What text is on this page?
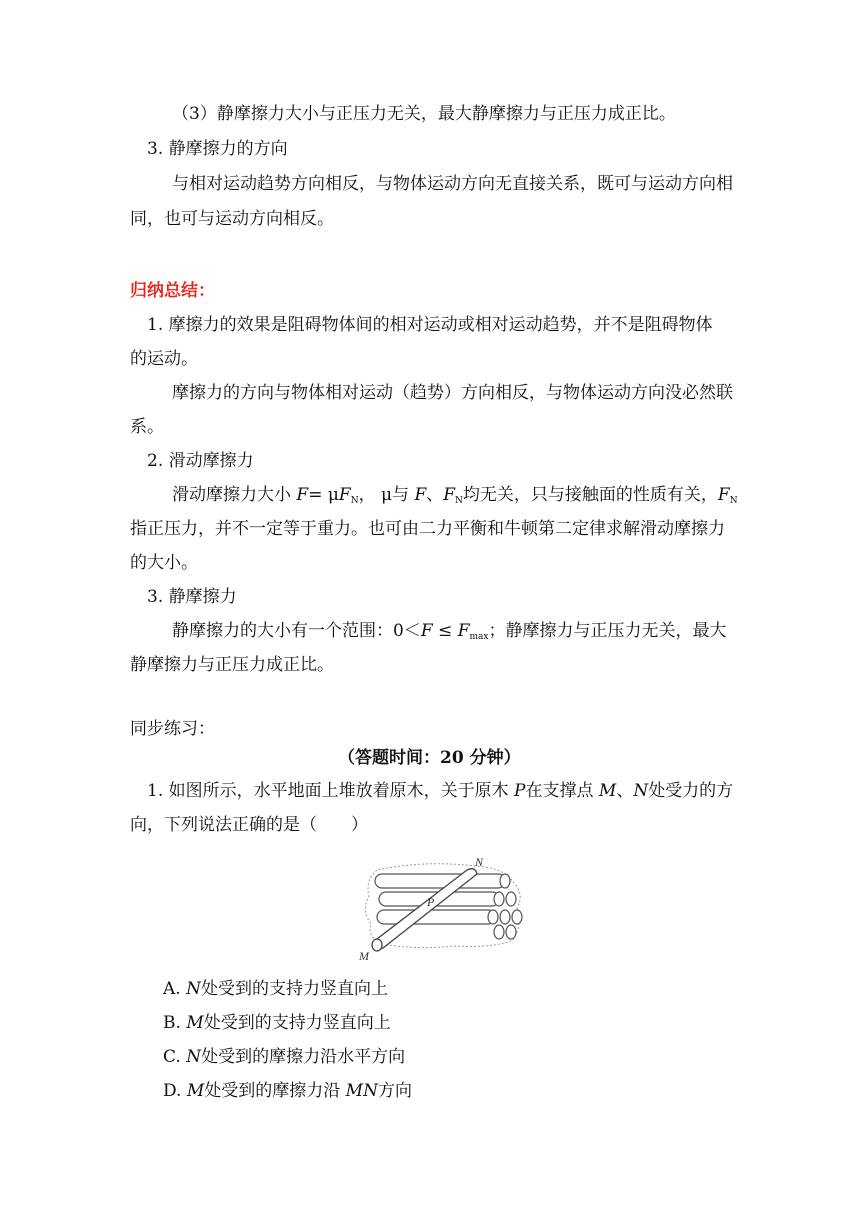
（3）静摩擦力大小与正压力无关，最大静摩擦力与正压力成正比。
3. 静摩擦力的方向
与相对运动趋势方向相反，与物体运动方向无直接关系，既可与运动方向相
同，也可与运动方向相反。
归纳总结：
1. 摩擦力的效果是阻碍物体间的相对运动或相对运动趋势，并不是阻碍物体
的运动。
摩擦力的方向与物体相对运动（趋势）方向相反，与物体运动方向没必然联
系。
2. 滑动摩擦力
滑动摩擦力大小 $F= \mu F_N$， μ与 F、$F_N$均无关，只与接触面的性质有关，$F_N$
指正压力，并不一定等于重力。也可由二力平衡和牛顿第二定律求解滑动摩擦力
的大小。
3. 静摩擦力
静摩擦力的大小有一个范围：$0<F \le F_{max}$；静摩擦力与正压力无关，最大
静摩擦力与正压力成正比。
同步练习：
（答题时间：20 分钟）
1. 如图所示，水平地面上堆放着原木，关于原木 P在支撑点 M、N处受力的方
向，下列说法正确的是（　　）
N
P
M
A. N处受到的支持力竖直向上
B. M处受到的支持力竖直向上
C. N处受到的摩擦力沿水平方向
D. M处受到的摩擦力沿 MN方向
